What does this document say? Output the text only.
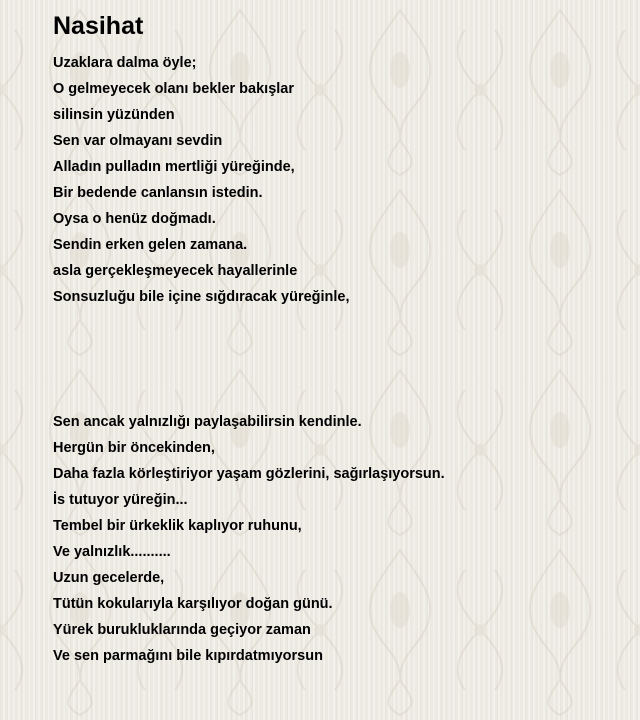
Nasihat
Uzaklara dalma öyle;
O gelmeyecek olanı bekler bakışlar
silinsin yüzünden
Sen var olmayanı sevdin
Alladın pulladın mertliği yüreğinde,
Bir bedende canlansın istedin.
Oysa o henüz doğmadı.
Sendin erken gelen zamana.
asla gerçekleşmeyecek hayallerinle
Sonsuzluğu bile içine sığdıracak yüreğinle,
Sen ancak yalnızlığı paylaşabilirsin kendinle.
Hergün bir öncekinden,
Daha fazla körleştiriyor yaşam gözlerini, sağırlaşıyorsun.
İs tutuyor yüreğin...
Tembel bir ürkeklik kaplıyor ruhunu,
Ve yalnızlık..........
Uzun gecelerde,
Tütün kokularıyla karşılıyor doğan günü.
Yürek burukluklarında geçiyor zaman
Ve sen parmağını bile kıpırdatmıyorsun
